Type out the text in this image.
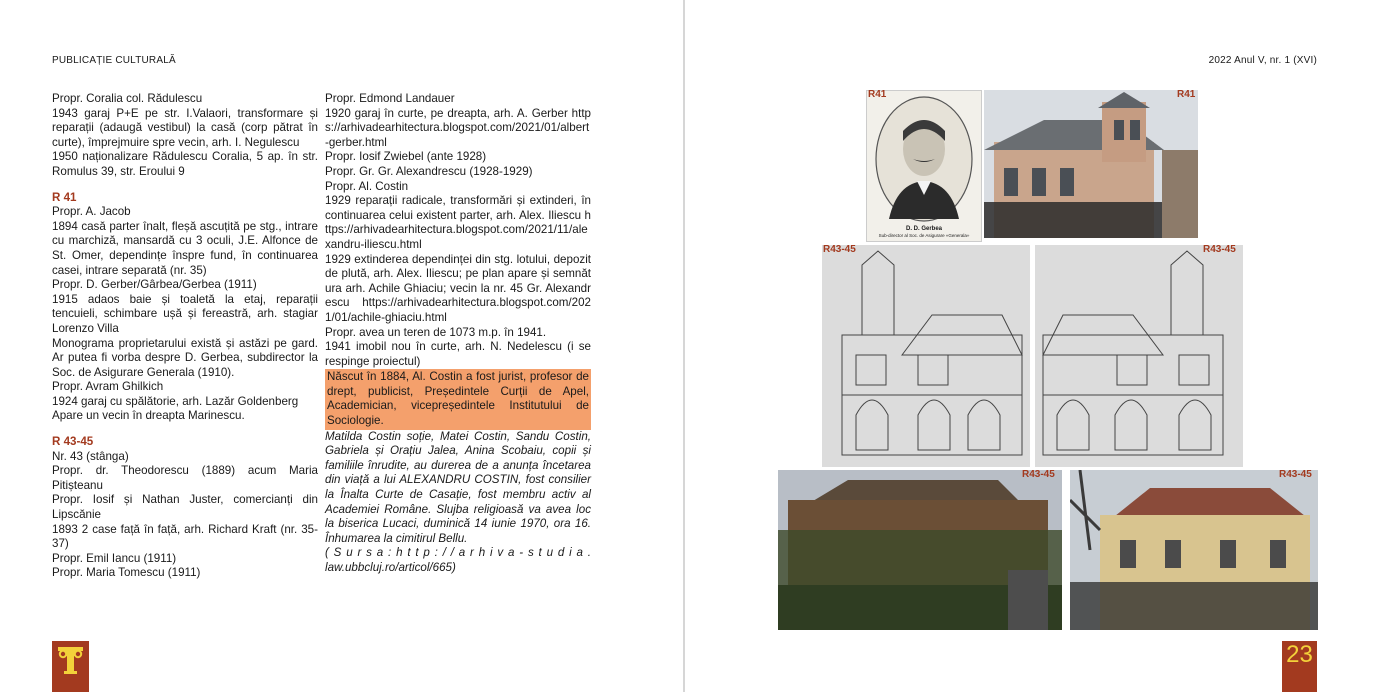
PUBLICAȚIE CULTURALĂ

Propr. Coralia col. Rădulescu

1943 garaj P+E pe str. I.Valaori, transformare și reparații (adaugă vestibul) la casă (corp pătrat în curte), împrejmuire spre vecin, arh. I. Negulescu

1950 naționalizare Rădulescu Coralia, 5 ap. în str. Romulus 39, str. Eroului 9

R 41

Propr. A. Jacob

1894 casă parter înalt, fleșă ascuțită pe stg., intrare cu marchiză, mansardă cu 3 oculi, J.E. Alfonce de St. Omer, dependințe înspre fund, în continuarea casei, intrare separată (nr. 35)

Propr. D. Gerber/Gârbea/Gerbea (1911)

1915 adaos baie și toaletă la etaj, reparații tencuieli, schimbare ușă și fereastră, arh. stagiar Lorenzo Villa

Monograma proprietarului există și astăzi pe gard. Ar putea fi vorba despre D. Gerbea, subdirector la Soc. de Asigurare Generala (1910).

Propr. Avram Ghilkich

1924 garaj cu spălătorie, arh. Lazăr Goldenberg

Apare un vecin în dreapta Marinescu.

R 43-45

Nr. 43 (stânga)

Propr. dr. Theodorescu (1889) acum Maria Pitișteanu

Propr. Iosif și Nathan Juster, comercianți din Lipscănie

1893 2 case față în față, arh. Richard Kraft (nr. 35-37)

Propr. Emil Iancu (1911)

Propr. Maria Tomescu (1911)

Propr. Edmond Landauer

1920 garaj în curte, pe dreapta, arh. A. Gerber https://arhivadearhitectura.blogspot.com/2021/01/albert-gerber.html

Propr. Iosif Zwiebel (ante 1928)

Propr. Gr. Gr. Alexandrescu (1928-1929)

Propr. Al. Costin

1929 reparații radicale, transformări și extinderi, în continuarea celui existent parter, arh. Alex. Iliescu https://arhivadearhitectura.blogspot.com/2021/11/alexandru-iliescu.html

1929 extinderea dependinței din stg. lotului, depozit de plută, arh. Alex. Iliescu; pe plan apare și semnătura arh. Achile Ghiaciu; vecin la nr. 45 Gr. Alexandrescu https://arhivadearhitectura.blogspot.com/2021/01/achile-ghiaciu.html

Propr. avea un teren de 1073 m.p. în 1941.

1941 imobil nou în curte, arh. N. Nedelescu (i se respinge proiectul)

Născut în 1884, Al. Costin a fost jurist, profesor de drept, publicist, Președintele Curții de Apel, Academician, vicepreședintele Institutului de Sociologie.

Matilda Costin soție, Matei Costin, Sandu Costin, Gabriela și Orațiu Jalea, Anina Scobaiu, copii și familiile înrudite, au durerea de a anunța încetarea din viață a lui ALEXANDRU COSTIN, fost consilier la Înalta Curte de Casație, fost membru activ al Academiei Române. Slujba religioasă va avea loc la biserica Lucaci, duminică 14 iunie 1970, ora 16. Înhumarea la cimitirul Bellu.

( S u r s a : h t t p : / / a r h i v a - s t u d i a . law.ubbcluj.ro/articol/665)

2022 Anul V, nr. 1 (XVI)
D. D. Gerbea
Sub-director al Soc. de Asigurare «Generala»
R41	R41
R43-45	R43-45
R43-45	R43-45
23
